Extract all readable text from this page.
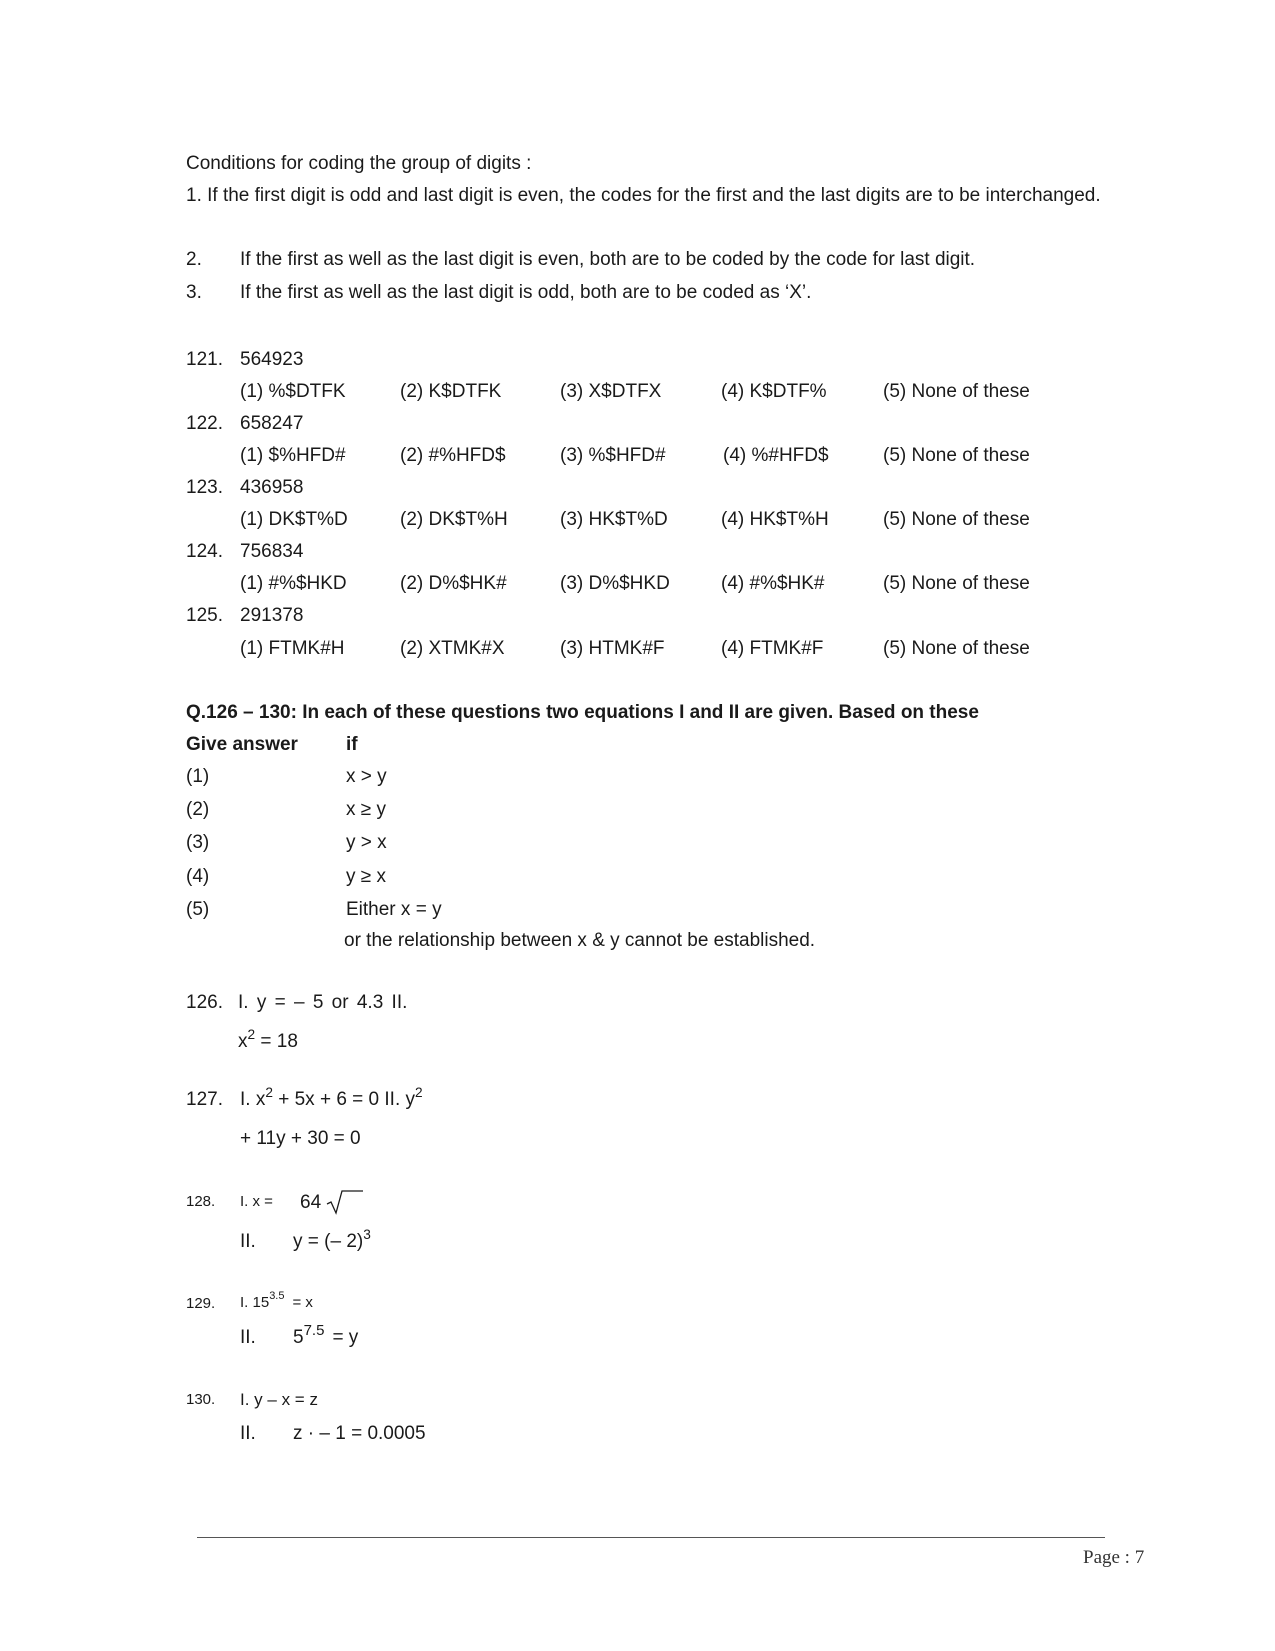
Conditions for coding the group of digits :
1. If the first digit is odd and last digit is even, the codes for the first and the last digits are to be interchanged.
2. If the first as well as the last digit is even, both are to be coded by the code for last digit.
3. If the first as well as the last digit is odd, both are to be coded as ‘X’.
121. 564923
(1) %$DTFK	(2) K$DTFK	(3) X$DTFX	(4) K$DTF%	(5) None of these
122. 658247
(1) $%HFD#	(2) #%HFD$	(3) %$HFD#	(4) %#HFD$	(5) None of these
123. 436958
(1) DK$T%D	(2) DK$T%H	(3) HK$T%D	(4) HK$T%H	(5) None of these
124. 756834
(1) #%$HKD	(2) D%$HK#	(3) D%$HKD	(4) #%$HK#	(5) None of these
125. 291378
(1) FTMK#H	(2) XTMK#X	(3) HTMK#F	(4) FTMK#F	(5) None of these
Q.126 – 130: In each of these questions two equations I and II are given. Based on these
Give answer	if
(1)	x > y
(2)	x ≥ y
(3)	y > x
(4)	y ≥ x
(5)	Either x = y
or the relationship between x & y cannot be established.
126. I. y = – 5 or 4.3 II.
$x^2 = 18$
127. I. $x^2 + 5x + 6 = 0$ II. $y^2$
+ 11y + 30 = 0
128. I. x = 64
II. y = (– 2)$^3$
129. I. $15^{3.5} = x$
II. $5^{7.5} = y$
130. I. y – x = z
II. z · – 1 = 0.0005
Page : 7
